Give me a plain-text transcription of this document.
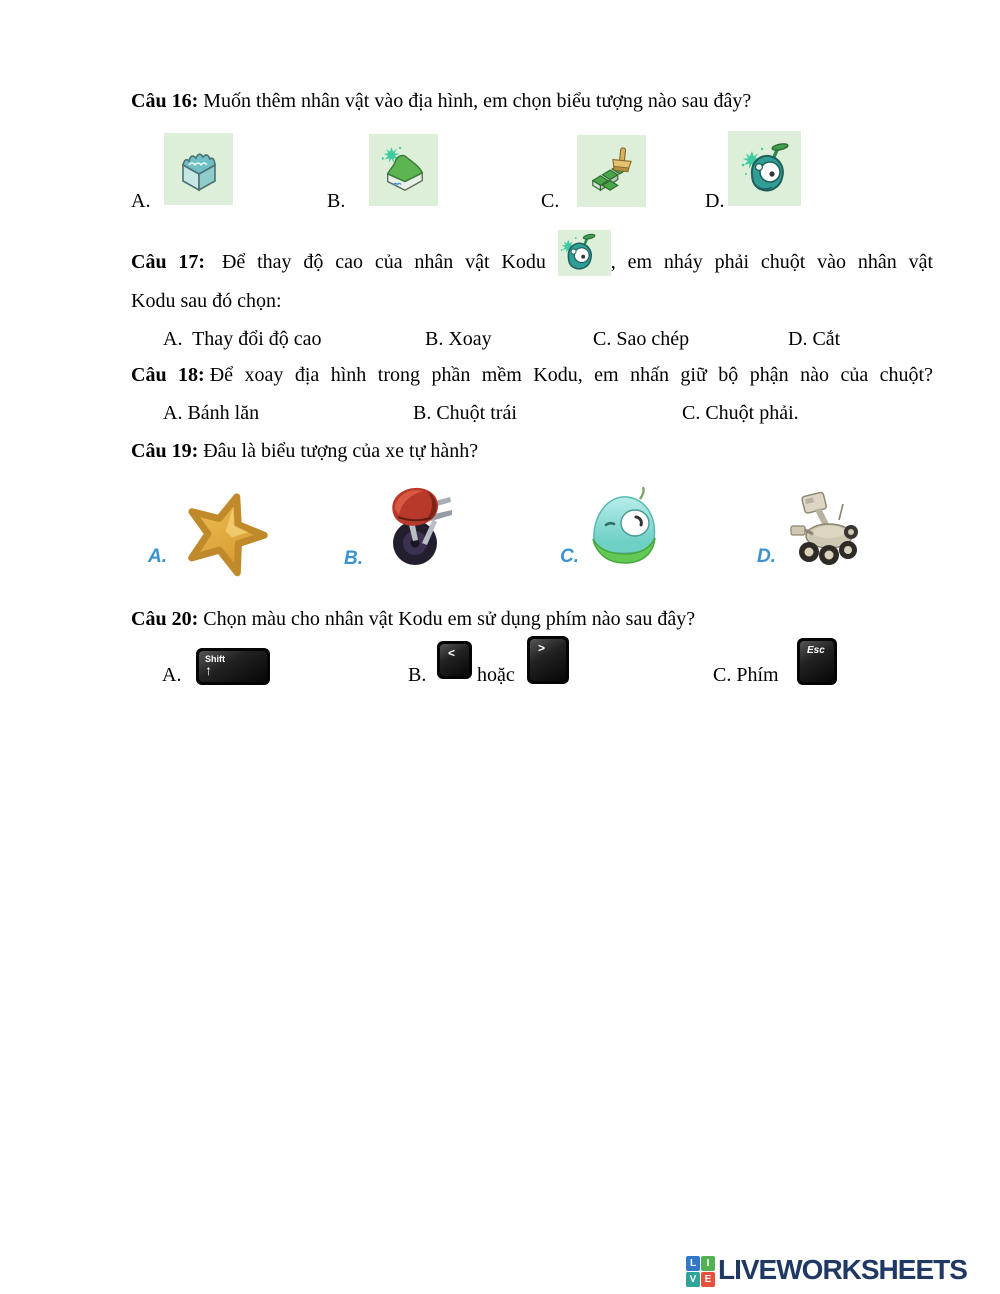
Câu 16: Muốn thêm nhân vật vào địa hình, em chọn biểu tượng nào sau đây?
A.	B.	C.	D.
Câu 17: Để thay độ cao của nhân vật Kodu	, em nháy phải chuột vào nhân vật
Kodu sau đó chọn:
A. Thay đổi độ cao	B. Xoay	C. Sao chép	D. Cắt
Câu 18: Để xoay địa hình trong phần mềm Kodu, em nhấn giữ bộ phận nào của chuột?
A. Bánh lăn	B. Chuột trái	C. Chuột phải.
Câu 19: Đâu là biểu tượng của xe tự hành?
A.	B.	C.	D.
Câu 20: Chọn màu cho nhân vật Kodu em sử dụng phím nào sau đây?
A.
Shift
↑	B.
<
hoặc
>
C. Phím
Esc
L	I
V E LIVEWORKSHEETS
